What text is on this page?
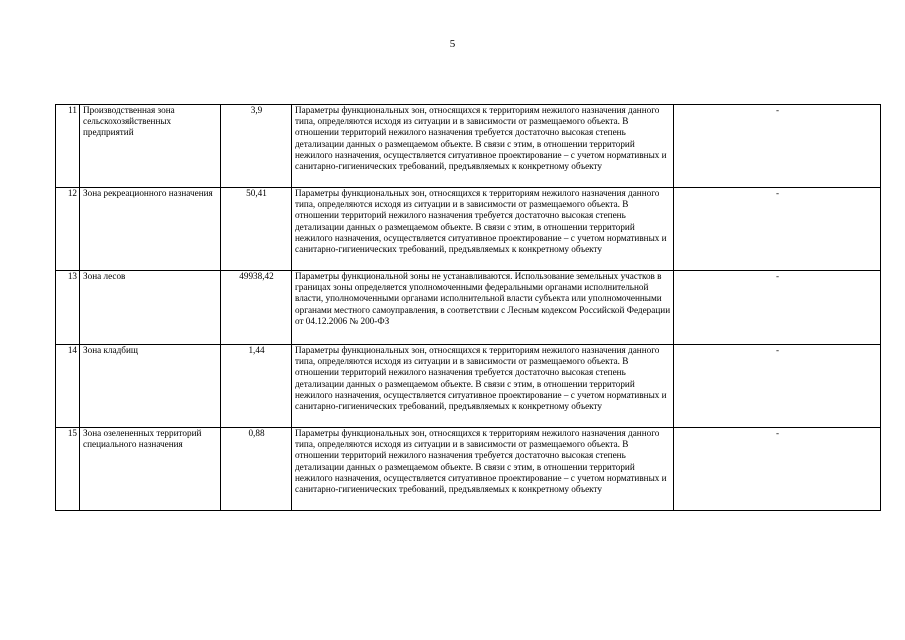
5
11	Производственная зона сельскохозяйственных предприятий	3,9	Параметры функциональных зон, относящихся к территориям нежилого назначения данного типа, определяются исходя из ситуации и в зависимости от размещаемого объекта. В отношении территорий нежилого назначения требуется достаточно высокая степень детализации данных о размещаемом объекте. В связи с этим, в отношении территорий нежилого назначения, осуществляется ситуативное проектирование – с учетом нормативных и санитарно-гигиенических требований, предъявляемых к конкретному объекту	-
12	Зона рекреационного назначения	50,41	Параметры функциональных зон, относящихся к территориям нежилого назначения данного типа, определяются исходя из ситуации и в зависимости от размещаемого объекта. В отношении территорий нежилого назначения требуется достаточно высокая степень детализации данных о размещаемом объекте. В связи с этим, в отношении территорий нежилого назначения, осуществляется ситуативное проектирование – с учетом нормативных и санитарно-гигиенических требований, предъявляемых к конкретному объекту	-
13	Зона лесов	49938,42	Параметры функциональной зоны не устанавливаются. Использование земельных участков в границах зоны определяется уполномоченными федеральными органами исполнительной власти, уполномоченными органами исполнительной власти субъекта или уполномоченными органами местного самоуправления, в соответствии с Лесным кодексом Российской Федерации от 04.12.2006 № 200-ФЗ	-
14	Зона кладбищ	1,44	Параметры функциональных зон, относящихся к территориям нежилого назначения данного типа, определяются исходя из ситуации и в зависимости от размещаемого объекта. В отношении территорий нежилого назначения требуется достаточно высокая степень детализации данных о размещаемом объекте. В связи с этим, в отношении территорий нежилого назначения, осуществляется ситуативное проектирование – с учетом нормативных и санитарно-гигиенических требований, предъявляемых к конкретному объекту	-
15	Зона озелененных территорий специального назначения	0,88	Параметры функциональных зон, относящихся к территориям нежилого назначения данного типа, определяются исходя из ситуации и в зависимости от размещаемого объекта. В отношении территорий нежилого назначения требуется достаточно высокая степень детализации данных о размещаемом объекте. В связи с этим, в отношении территорий нежилого назначения, осуществляется ситуативное проектирование – с учетом нормативных и санитарно-гигиенических требований, предъявляемых к конкретному объекту	-
